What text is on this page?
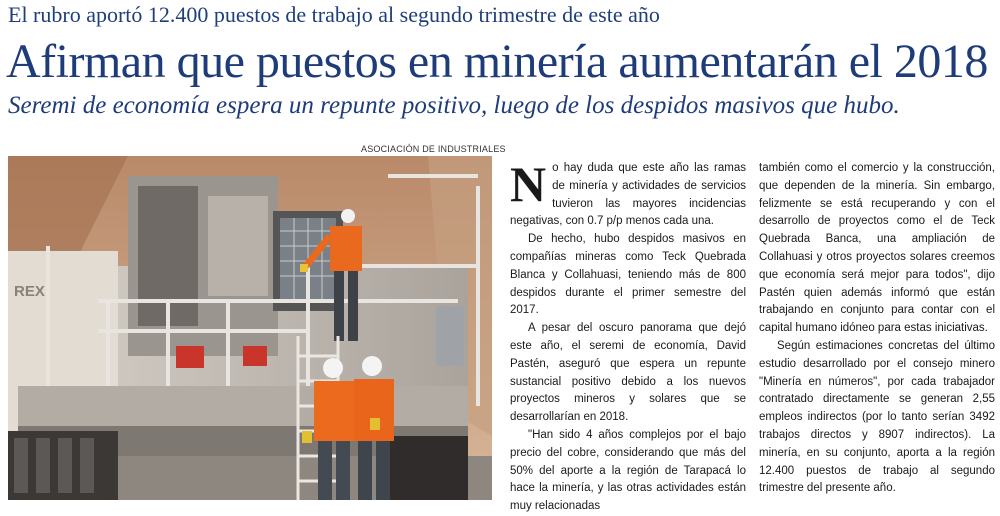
El rubro aportó 12.400 puestos de trabajo al segundo trimestre de este año
Afirman que puestos en minería aumentarán el 2018
Seremi de economía espera un repunte positivo, luego de los despidos masivos que hubo.
ASOCIACIÓN DE INDUSTRIALES
REX

No hay duda que este año las ramas de minería y actividades de servicios tuvieron las mayores incidencias negativas, con 0.7 p/p menos cada una.

De hecho, hubo despidos masivos en compañías mineras como Teck Quebrada Blanca y Collahuasi, teniendo más de 800 despidos durante el primer semestre del 2017.

A pesar del oscuro panorama que dejó este año, el seremi de economía, David Pastén, aseguró que espera un repunte sustancial positivo debido a los nuevos proyectos mineros y solares que se desarrollarían en 2018.

"Han sido 4 años complejos por el bajo precio del cobre, considerando que más del 50% del aporte a la región de Tarapacá lo hace la minería, y las otras actividades están muy relacionadas

también como el comercio y la construcción, que dependen de la minería. Sin embargo, felizmente se está recuperando y con el desarrollo de proyectos como el de Teck Quebrada Banca, una ampliación de Collahuasi y otros proyectos solares creemos que economía será mejor para todos", dijo Pastén quien además informó que están trabajando en conjunto para contar con el capital humano idóneo para estas iniciativas.

Según estimaciones concretas del último estudio desarrollado por el consejo minero "Minería en números", por cada trabajador contratado directamente se generan 2,55 empleos indirectos (por lo tanto serían 3492 trabajos directos y 8907 indirectos). La minería, en su conjunto, aporta a la región 12.400 puestos de trabajo al segundo trimestre del presente año.
